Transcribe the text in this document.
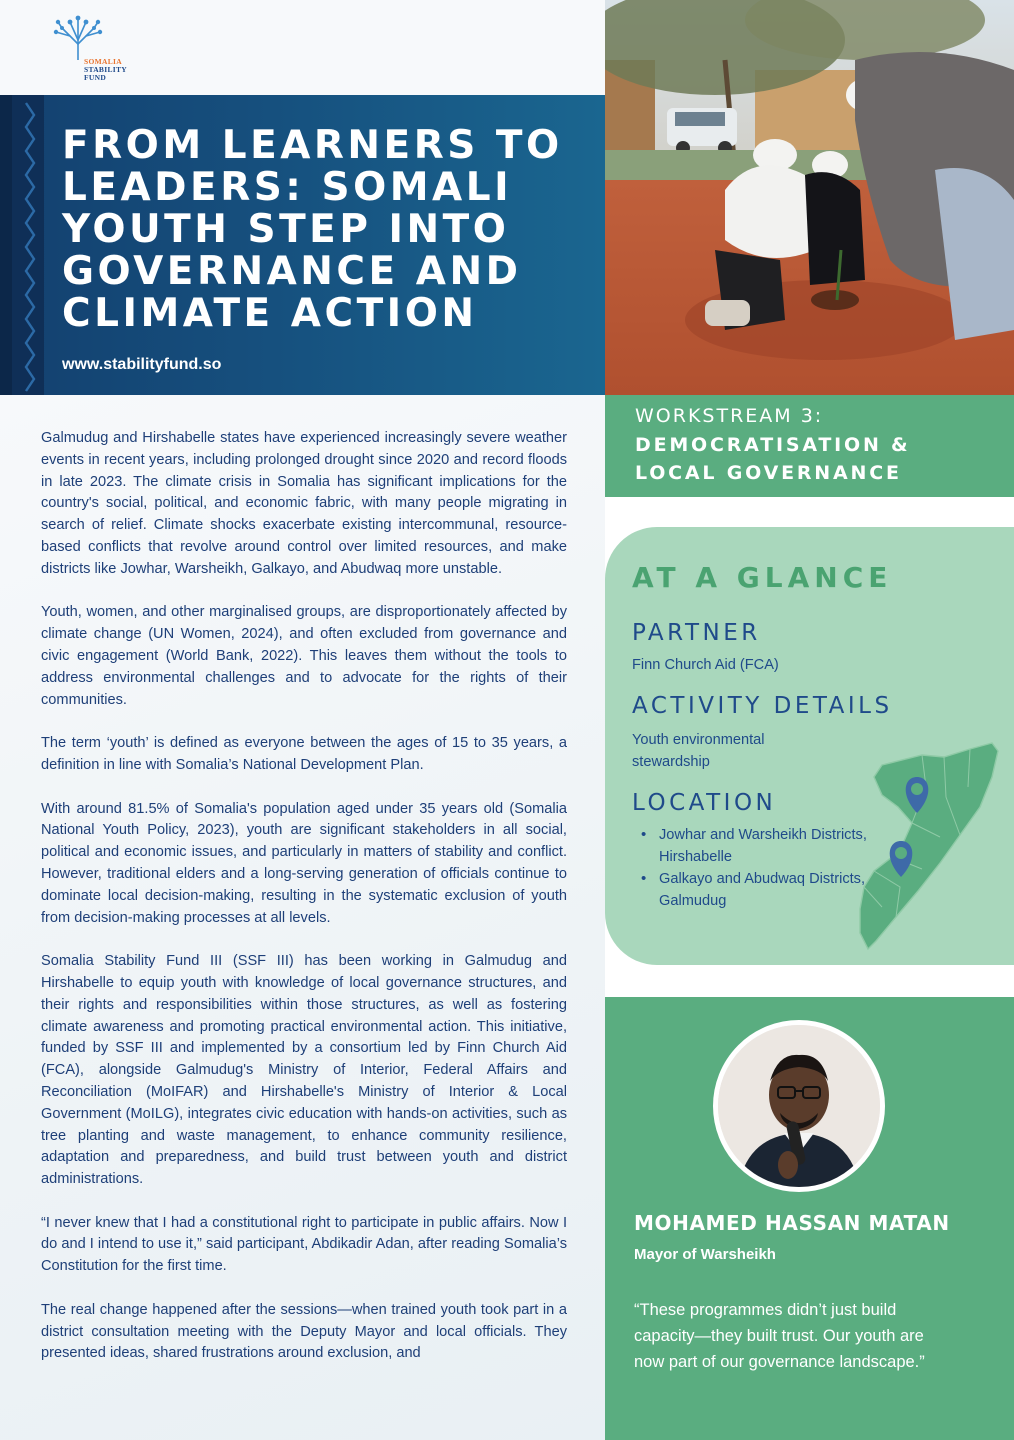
SOMALIA
STABILITY
FUND
FROM LEARNERS TO LEADERS: SOMALI YOUTH STEP INTO GOVERNANCE AND CLIMATE ACTION
www.stabilityfund.so

Galmudug and Hirshabelle states have experienced increasingly severe weather events in recent years, including prolonged drought since 2020 and record floods in late 2023. The climate crisis in Somalia has significant implications for the country's social, political, and economic fabric, with many people migrating in search of relief. Climate shocks exacerbate existing intercommunal, resource-based conflicts that revolve around control over limited resources, and make districts like Jowhar, Warsheikh, Galkayo, and Abudwaq more unstable.

Youth, women, and other marginalised groups, are disproportionately affected by climate change (UN Women, 2024), and often excluded from governance and civic engagement (World Bank, 2022). This leaves them without the tools to address environmental challenges and to advocate for the rights of their communities.

The term ‘youth’ is defined as everyone between the ages of 15 to 35 years, a definition in line with Somalia’s National Development Plan.

With around 81.5% of Somalia's population aged under 35 years old (Somalia National Youth Policy, 2023), youth are significant stakeholders in all social, political and economic issues, and particularly in matters of stability and conflict. However, traditional elders and a long-serving generation of officials continue to dominate local decision-making, resulting in the systematic exclusion of youth from decision-making processes at all levels.

Somalia Stability Fund III (SSF III) has been working in Galmudug and Hirshabelle to equip youth with knowledge of local governance structures, and their rights and responsibilities within those structures, as well as fostering climate awareness and promoting practical environmental action. This initiative, funded by SSF III and implemented by a consortium led by Finn Church Aid (FCA), alongside Galmudug's Ministry of Interior, Federal Affairs and Reconciliation (MoIFAR) and Hirshabelle's Ministry of Interior & Local Government (MoILG), integrates civic education with hands-on activities, such as tree planting and waste management, to enhance community resilience, adaptation and preparedness, and build trust between youth and district administrations.

“I never knew that I had a constitutional right to participate in public affairs. Now I do and I intend to use it,” said participant, Abdikadir Adan, after reading Somalia’s Constitution for the first time.

The real change happened after the sessions—when trained youth took part in a district consultation meeting with the Deputy Mayor and local officials. They presented ideas, shared frustrations around exclusion, and

WORKSTREAM 3:
DEMOCRATISATION &
LOCAL GOVERNANCE
AT A GLANCE
PARTNER
Finn Church Aid (FCA)
ACTIVITY DETAILS
Youth environmental
stewardship
LOCATION
• Jowhar and Warsheikh Districts, Hirshabelle
• Galkayo and Abudwaq Districts, Galmudug
MOHAMED HASSAN MATAN
Mayor of Warsheikh
“These programmes didn’t just build capacity—they built trust. Our youth are now part of our governance landscape.”
